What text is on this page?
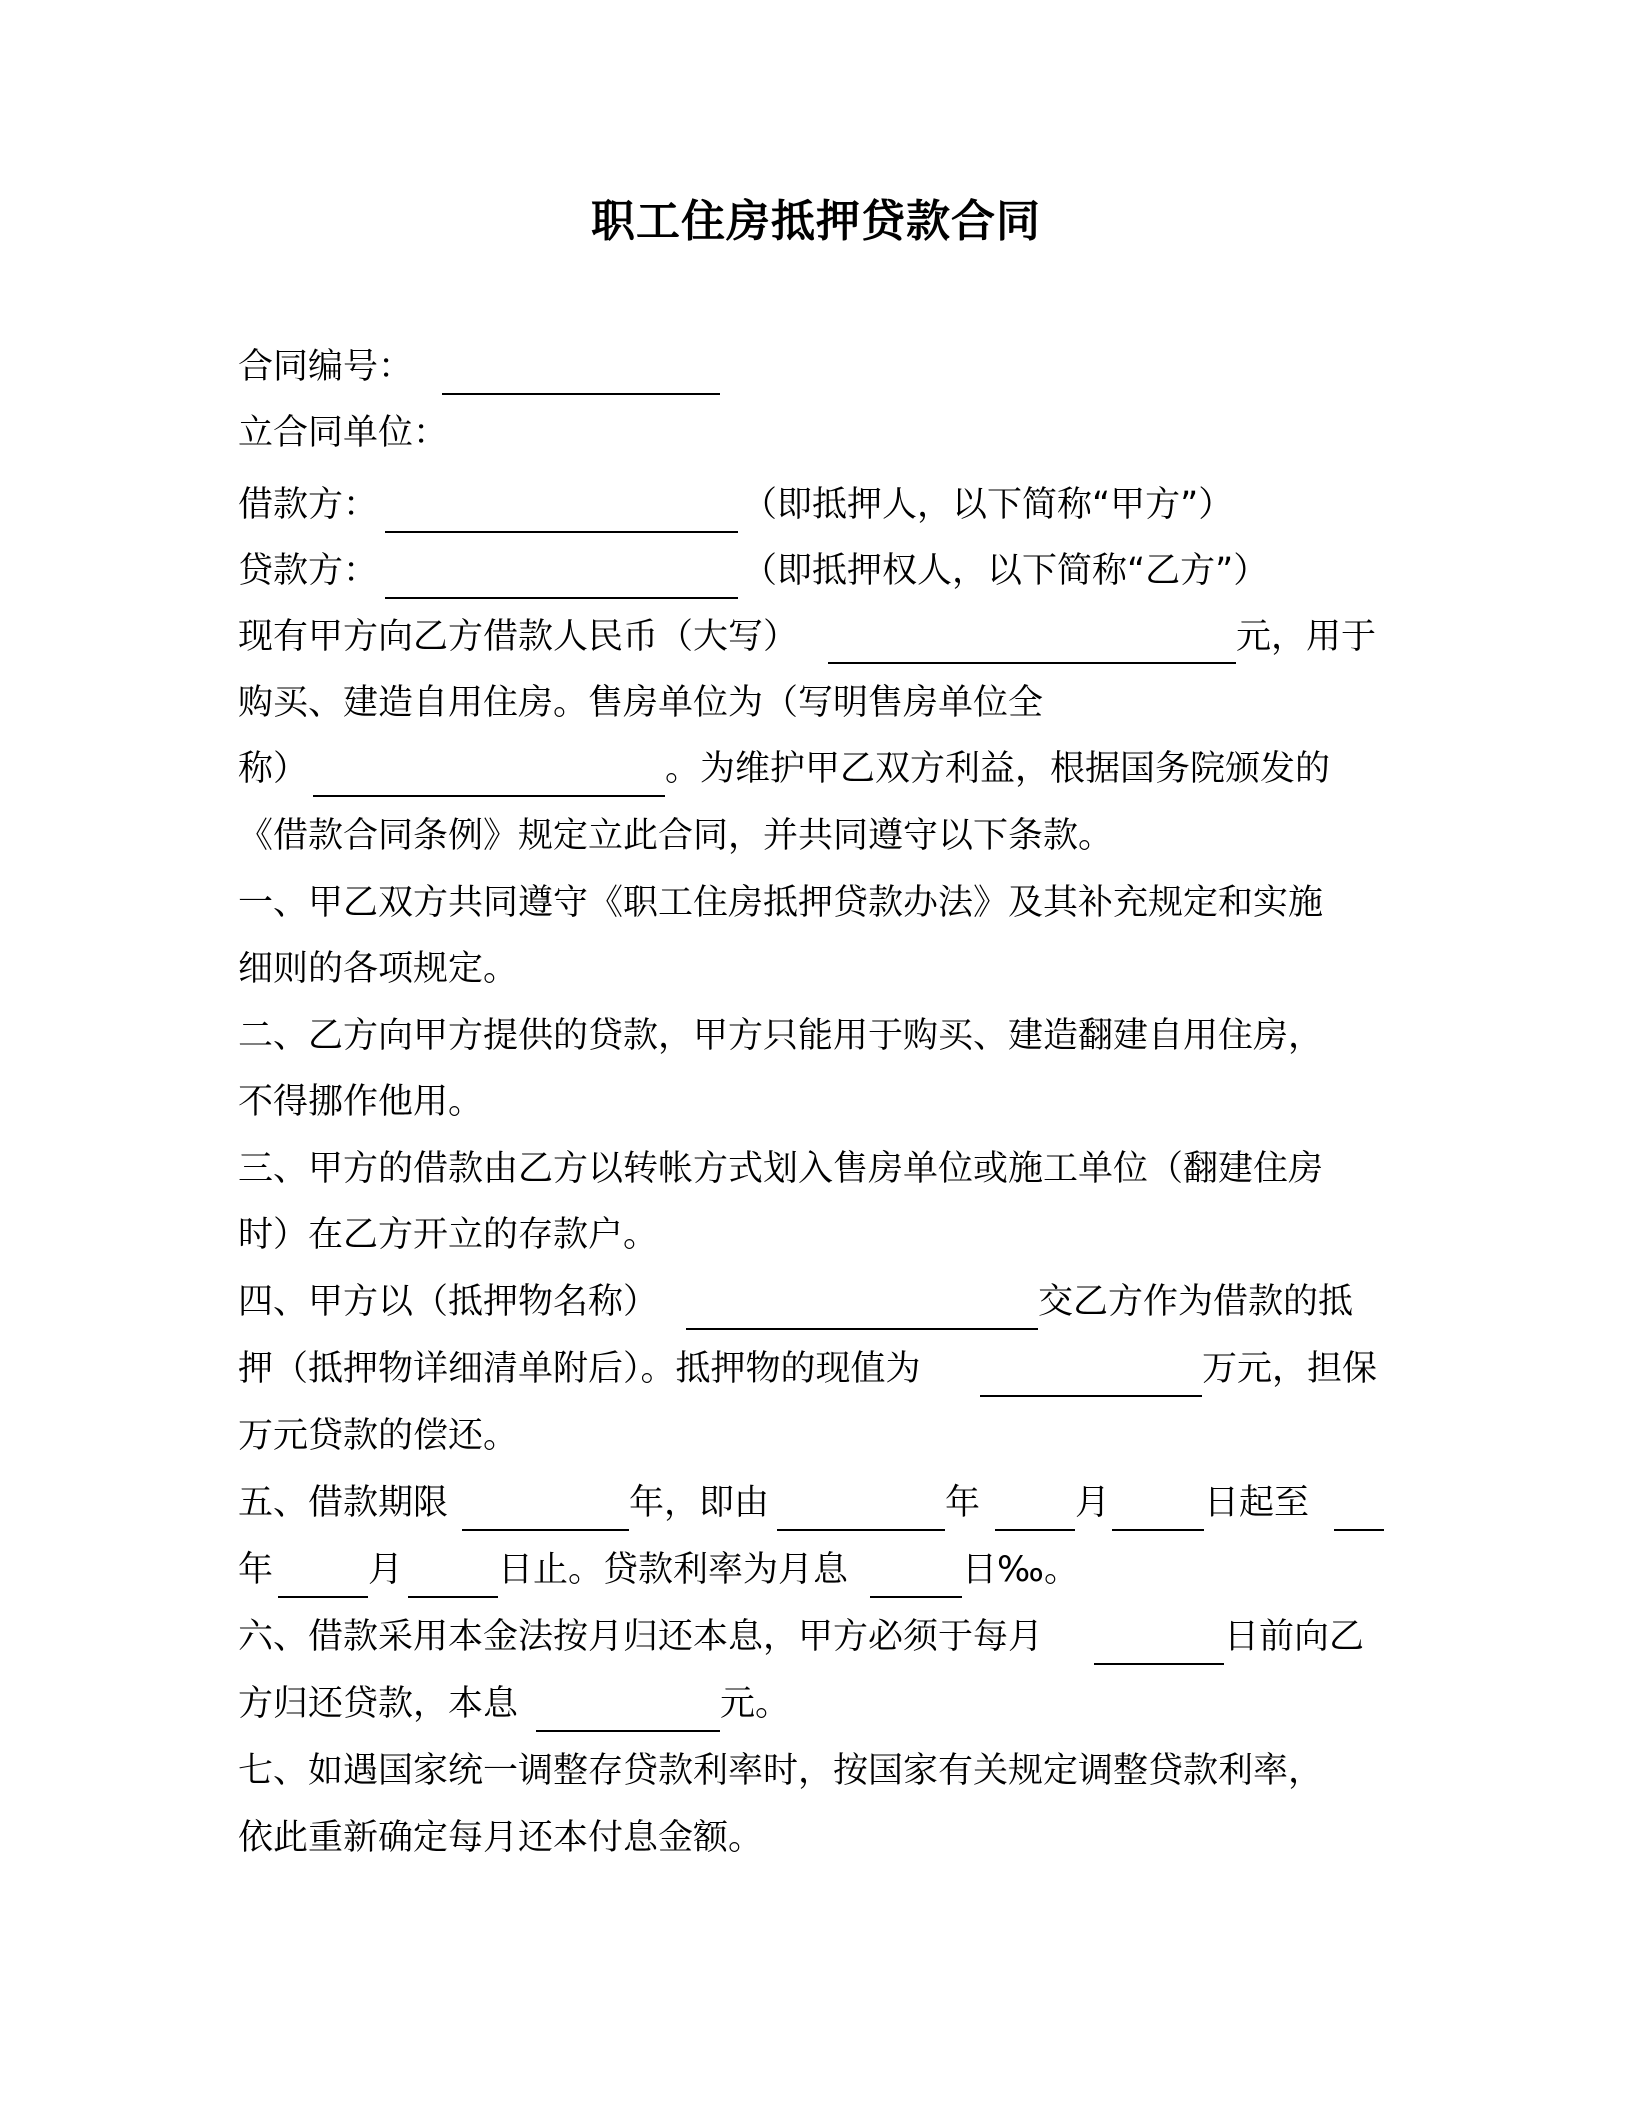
职工住房抵押贷款合同
合同编号：
立合同单位：
借款方：	（即抵押人，以下简称“甲方”）
贷款方：	（即抵押权人，以下简称“乙方”）
现有甲方向乙方借款人民币（大写）	元，用于
购买、建造自用住房。售房单位为（写明售房单位全
称）	。为维护甲乙双方利益，根据国务院颁发的
《借款合同条例》规定立此合同，并共同遵守以下条款。
一、甲乙双方共同遵守《职工住房抵押贷款办法》及其补充规定和实施
细则的各项规定。
二、乙方向甲方提供的贷款，甲方只能用于购买、建造翻建自用住房，
不得挪作他用。
三、甲方的借款由乙方以转帐方式划入售房单位或施工单位（翻建住房
时）在乙方开立的存款户。
四、甲方以（抵押物名称）	交乙方作为借款的抵
押（抵押物详细清单附后）。抵押物的现值为	万元，担保
万元贷款的偿还。
五、借款期限	年，即由	年	月	日起至
年	月	日止。贷款利率为月息	日‰。
六、借款采用本金法按月归还本息，甲方必须于每月	日前向乙
方归还贷款，本息	元。
七、如遇国家统一调整存贷款利率时，按国家有关规定调整贷款利率，
依此重新确定每月还本付息金额。
